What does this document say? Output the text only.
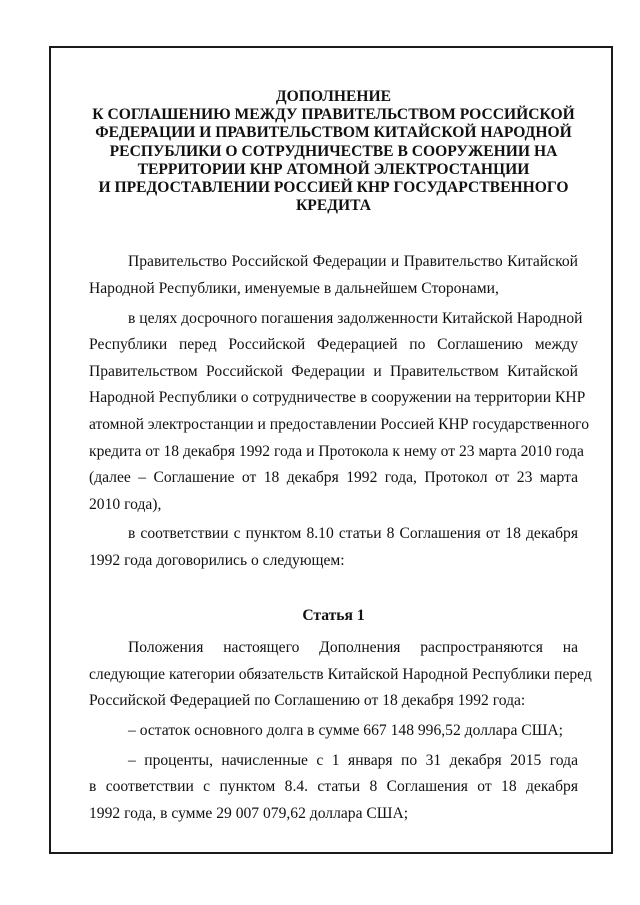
ДОПОЛНЕНИЕ
К СОГЛАШЕНИЮ МЕЖДУ ПРАВИТЕЛЬСТВОМ РОССИЙСКОЙ
ФЕДЕРАЦИИ И ПРАВИТЕЛЬСТВОМ КИТАЙСКОЙ НАРОДНОЙ
РЕСПУБЛИКИ О СОТРУДНИЧЕСТВЕ В СООРУЖЕНИИ НА
ТЕРРИТОРИИ КНР АТОМНОЙ ЭЛЕКТРОСТАНЦИИ
И ПРЕДОСТАВЛЕНИИ РОССИЕЙ КНР ГОСУДАРСТВЕННОГО
КРЕДИТА
Правительство Российской Федерации и Правительство Китайской
Народной Республики, именуемые в дальнейшем Сторонами,
в целях досрочного погашения задолженности Китайской Народной
Республики перед Российской Федерацией по Соглашению между
Правительством Российской Федерации и Правительством Китайской
Народной Республики о сотрудничестве в сооружении на территории КНР
атомной электростанции и предоставлении Россией КНР государственного
кредита от 18 декабря 1992 года и Протокола к нему от 23 марта 2010 года
(далее – Соглашение от 18 декабря 1992 года, Протокол от 23 марта
2010 года),
в соответствии с пунктом 8.10 статьи 8 Соглашения от 18 декабря
1992 года договорились о следующем:
Статья 1
Положения настоящего Дополнения распространяются на
следующие категории обязательств Китайской Народной Республики перед
Российской Федерацией по Соглашению от 18 декабря 1992 года:
– остаток основного долга в сумме 667 148 996,52 доллара США;
– проценты, начисленные с 1 января по 31 декабря 2015 года
в соответствии с пунктом 8.4. статьи 8 Соглашения от 18 декабря
1992 года, в сумме 29 007 079,62 доллара США;
